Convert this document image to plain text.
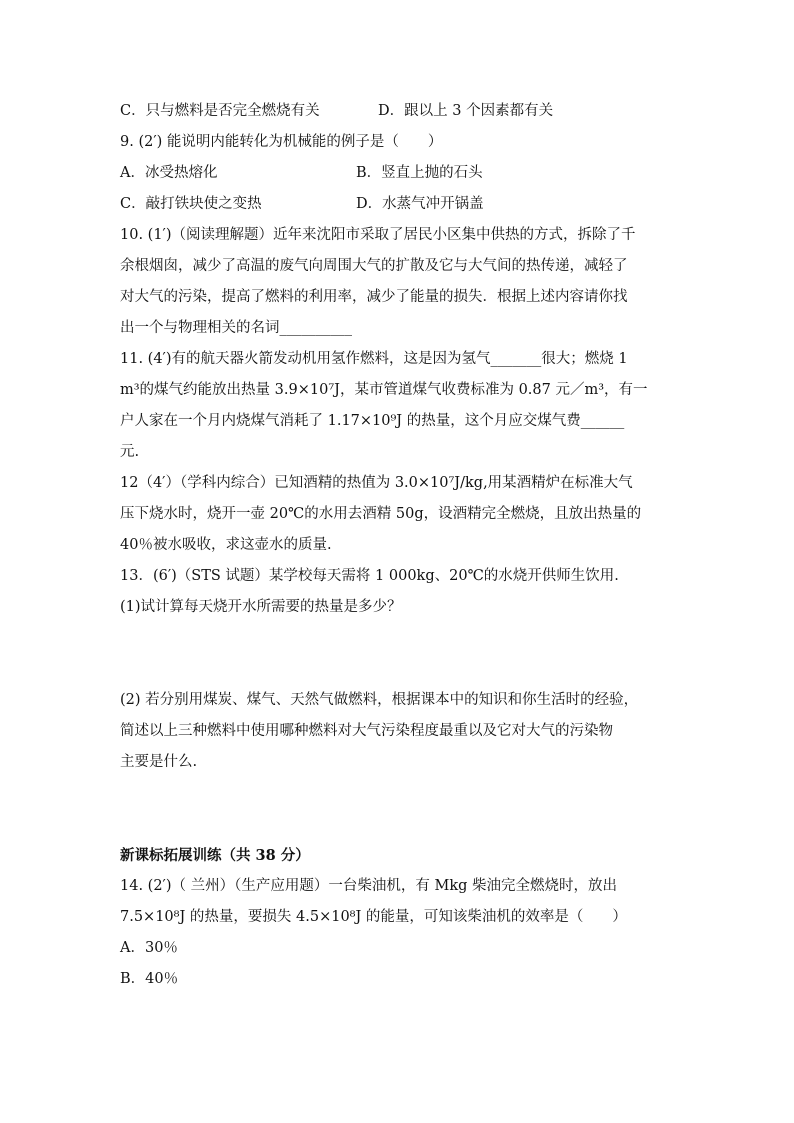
C．只与燃料是否完全燃烧有关	D．跟以上 3 个因素都有关

9. (2′) 能说明内能转化为机械能的例子是（　　）

A．冰受热熔化	B．竖直上抛的石头
C．敲打铁块使之变热	D．水蒸气冲开锅盖

10. (1′)（阅读理解题）近年来沈阳市采取了居民小区集中供热的方式，拆除了千

余根烟囱，减少了高温的废气向周围大气的扩散及它与大气间的热传递，减轻了

对大气的污染，提高了燃料的利用率，减少了能量的损失．根据上述内容请你找

出一个与物理相关的名词__________

11. (4′)有的航天器火箭发动机用氢作燃料，这是因为氢气_______很大；燃烧 1

m³的煤气约能放出热量 3.9×10⁷J，某市管道煤气收费标准为 0.87 元／m³，有一

户人家在一个月内烧煤气消耗了 1.17×10⁹J 的热量，这个月应交煤气费______

元.

12（4′）（学科内综合）已知酒精的热值为 3.0×10⁷J/kg,用某酒精炉在标准大气

压下烧水时，烧开一壶 20℃的水用去酒精 50g，设酒精完全燃烧，且放出热量的

40％被水吸收，求这壶水的质量.

13．(6′)（STS 试题）某学校每天需将 1 000kg、20℃的水烧开供师生饮用.

(1)试计算每天烧开水所需要的热量是多少？

(2) 若分别用煤炭、煤气、天然气做燃料，根据课本中的知识和你生活时的经验，

简述以上三种燃料中使用哪种燃料对大气污染程度最重以及它对大气的污染物

主要是什么.

新课标拓展训练（共 38 分）

14. (2′)（ 兰州）（生产应用题）一台柴油机，有 Mkg 柴油完全燃烧时，放出

7.5×10⁸J 的热量，要损失 4.5×10⁸J 的能量，可知该柴油机的效率是（　　）

A．30％

B．40％
